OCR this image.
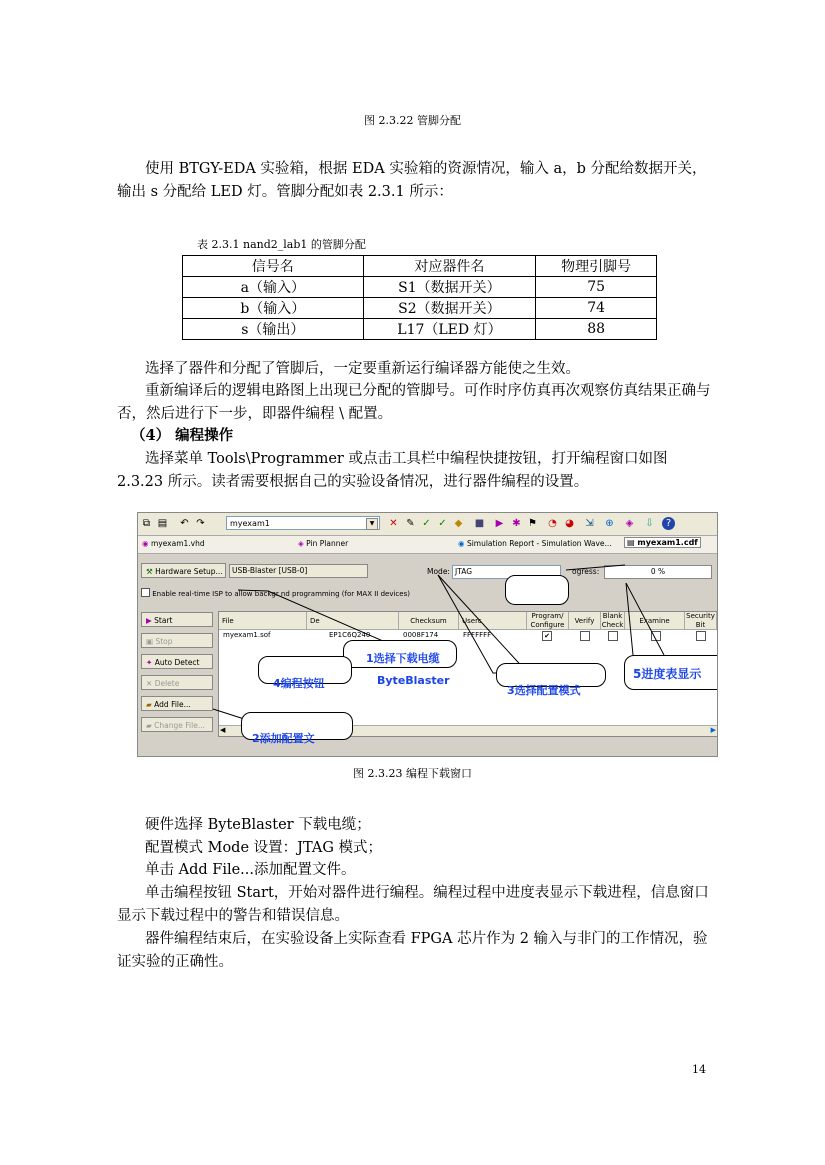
图 2.3.22 管脚分配
使用 BTGY-EDA 实验箱，根据 EDA 实验箱的资源情况，输入 a，b 分配给数据开关，输出 s 分配给 LED 灯。管脚分配如表 2.3.1 所示：
表 2.3.1 nand2_lab1 的管脚分配
信号名	对应器件名	物理引脚号
a（输入）	S1（数据开关）	75
b（输入）	S2（数据开关）	74
s（输出）	L17（LED 灯）	88
选择了器件和分配了管脚后，一定要重新运行编译器方能使之生效。
重新编译后的逻辑电路图上出现已分配的管脚号。可作时序仿真再次观察仿真结果正确与否，然后进行下一步，即器件编程 \ 配置。
（4） 编程操作
选择菜单 Tools\Programmer 或点击工具栏中编程快捷按钮，打开编程窗口如图 2.3.23 所示。读者需要根据自己的实验设备情况，进行器件编程的设置。
⧉ ▤ ↶ ↷	myexam1	▼	✕ ✎ ✓ ✓ ◆ ■ ▶ ✱ ⚑ ◔ ◕ ⇲ ⊕ ◈ ⇩	?
◉ myexam1.vhd	◈ Pin Planner	◉ Simulation Report - Simulation Wave...	▤ myexam1.cdf
⚒ Hardware Setup...	USB-Blaster [USB-0]	Mode: JTAG	ogress:	0 %
Enable real-time ISP to allow backgr nd programming (for MAX II devices)
▶ Start
▣ Stop
✦ Auto Detect
✕ Delete
▰ Add File...
▰ Change File...
File	De	Checksum	Userc
Program/ Configure	Verify
Blank Check	Examine
Security Bit
myexam1.sof	EP1C6Q240	0008F174	FFFFFFF	✔
◀	▶
4编程按钮	ByteBlaster
1选择下载电缆
3选择配置模式
5进度表显示
2添加配置文
图 2.3.23 编程下载窗口
硬件选择 ByteBlaster 下载电缆；
配置模式 Mode 设置：JTAG 模式；
单击 Add File...添加配置文件。
单击编程按钮 Start，开始对器件进行编程。编程过程中进度表显示下载进程，信息窗口显示下载过程中的警告和错误信息。
器件编程结束后，在实验设备上实际查看 FPGA 芯片作为 2 输入与非门的工作情况，验证实验的正确性。
14
